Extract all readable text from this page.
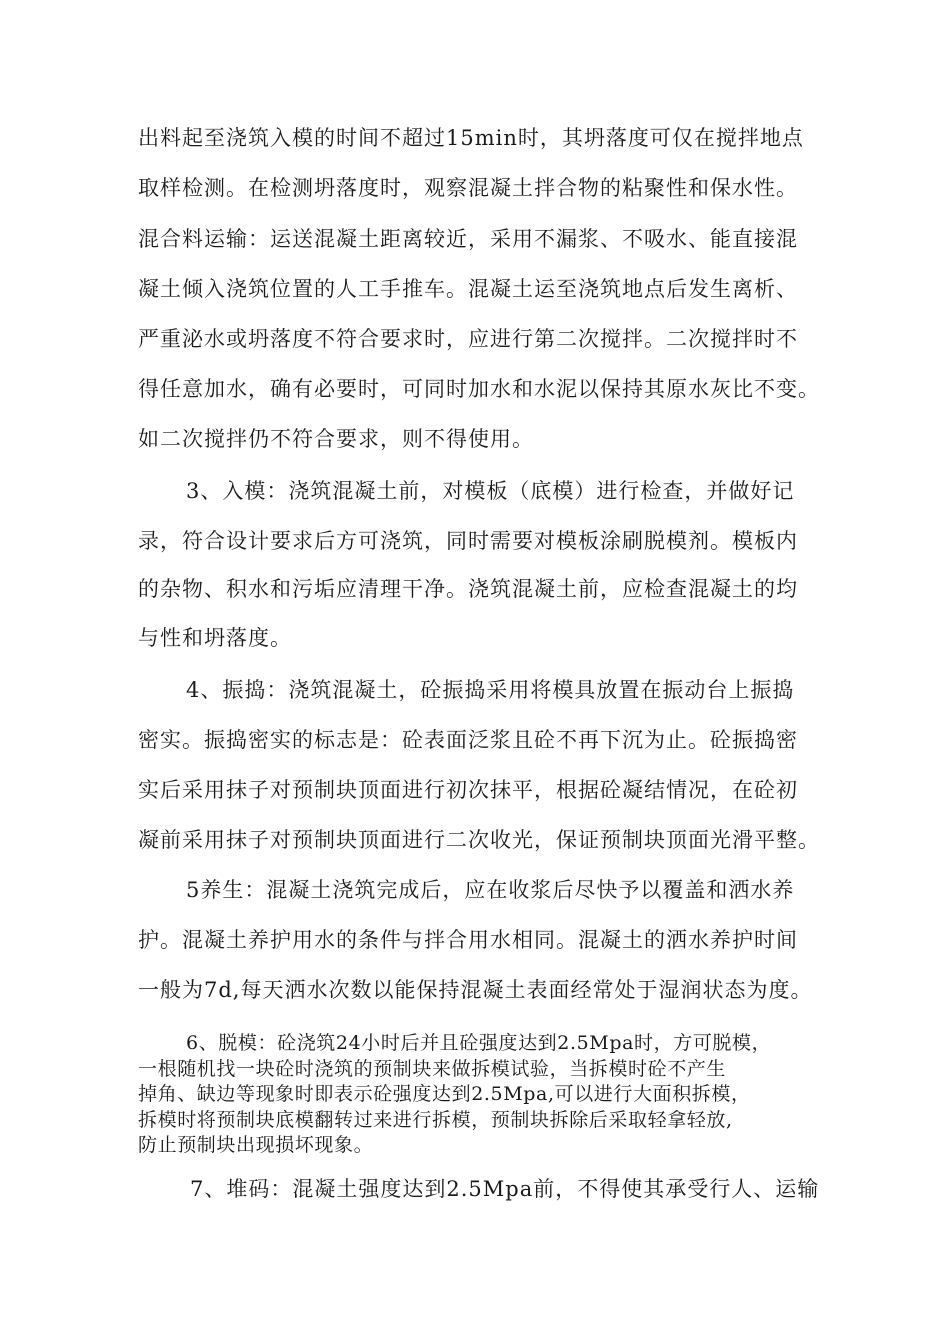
出料起至浇筑入模的时间不超过15min时，其坍落度可仅在搅拌地点
取样检测。在检测坍落度时，观察混凝土拌合物的粘聚性和保水性。
混合料运输：运送混凝土距离较近，采用不漏浆、不吸水、能直接混
凝土倾入浇筑位置的人工手推车。混凝土运至浇筑地点后发生离析、
严重泌水或坍落度不符合要求时，应进行第二次搅拌。二次搅拌时不
得任意加水，确有必要时，可同时加水和水泥以保持其原水灰比不变。
如二次搅拌仍不符合要求，则不得使用。
3、入模：浇筑混凝土前，对模板（底模）进行检查，并做好记
录，符合设计要求后方可浇筑，同时需要对模板涂刷脱模剂。模板内
的杂物、积水和污垢应清理干净。浇筑混凝土前，应检查混凝土的均
与性和坍落度。
4、振捣：浇筑混凝土，砼振捣采用将模具放置在振动台上振捣
密实。振捣密实的标志是：砼表面泛浆且砼不再下沉为止。砼振捣密
实后采用抹子对预制块顶面进行初次抹平，根据砼凝结情况，在砼初
凝前采用抹子对预制块顶面进行二次收光，保证预制块顶面光滑平整。
5养生：混凝土浇筑完成后，应在收浆后尽快予以覆盖和洒水养
护。混凝土养护用水的条件与拌合用水相同。混凝土的洒水养护时间
一般为7d,每天洒水次数以能保持混凝土表面经常处于湿润状态为度。
6、脱模：砼浇筑24小时后并且砼强度达到2.5Mpa时，方可脱模，
一根随机找一块砼时浇筑的预制块来做拆模试验，当拆模时砼不产生
掉角、缺边等现象时即表示砼强度达到2.5Mpa,可以进行大面积拆模，
拆模时将预制块底模翻转过来进行拆模，预制块拆除后采取轻拿轻放,
防止预制块出现损坏现象。
7、堆码：混凝土强度达到2.5Mpa前，不得使其承受行人、运输
